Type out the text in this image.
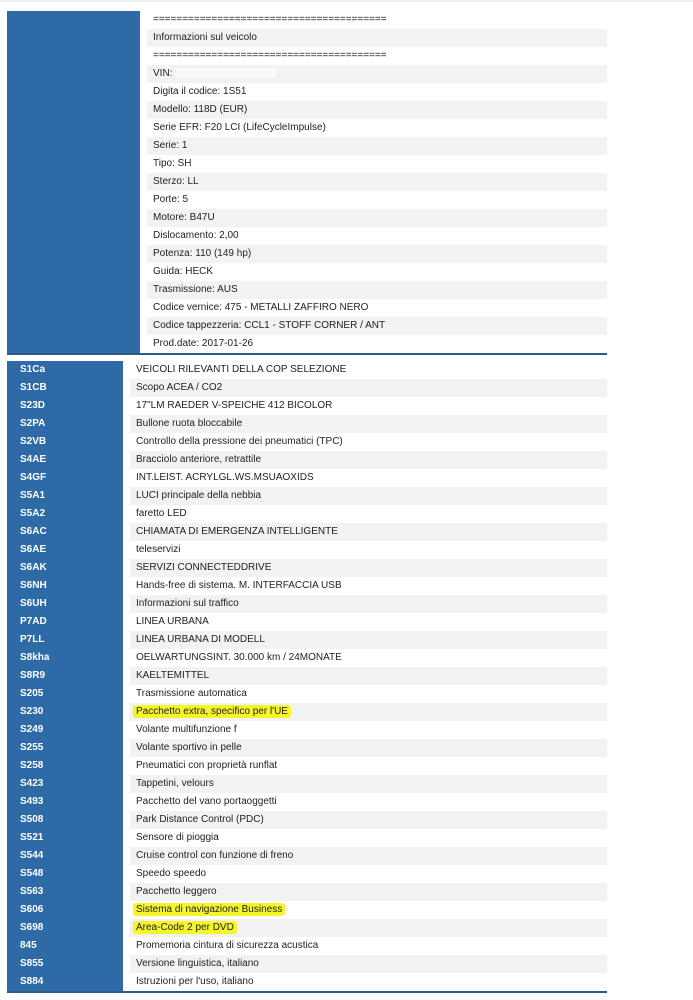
========================================
Informazioni sul veicolo
========================================
VIN:
Digita il codice: 1S51
Modello: 118D (EUR)
Serie EFR: F20 LCI (LifeCycleImpulse)
Serie: 1
Tipo: SH
Sterzo: LL
Porte: 5
Motore: B47U
Dislocamento: 2,00
Potenza: 110 (149 hp)
Guida: HECK
Trasmissione: AUS
Codice vernice: 475 - METALLI ZAFFIRO NERO
Codice tappezzeria: CCL1 - STOFF CORNER / ANT
Prod.date: 2017-01-26
S1Ca	VEICOLI RILEVANTI DELLA COP SELEZIONE
S1CB	Scopo ACEA / CO2
S23D	17"LM RAEDER V-SPEICHE 412 BICOLOR
S2PA	Bullone ruota bloccabile
S2VB	Controllo della pressione dei pneumatici (TPC)
S4AE	Bracciolo anteriore, retrattile
S4GF	INT.LEIST. ACRYLGL.WS.MSUAOXIDS
S5A1	LUCI principale della nebbia
S5A2	faretto LED
S6AC	CHIAMATA DI EMERGENZA INTELLIGENTE
S6AE	teleservizi
S6AK	SERVIZI CONNECTEDDRIVE
S6NH	Hands-free di sistema. M. INTERFACCIA USB
S6UH	Informazioni sul traffico
P7AD	LINEA URBANA
P7LL	LINEA URBANA DI MODELL
S8kha	OELWARTUNGSINT. 30.000 km / 24MONATE
S8R9	KAELTEMITTEL
S205	Trasmissione automatica
S230	Pacchetto extra, specifico per l'UE
S249	Volante multifunzione f
S255	Volante sportivo in pelle
S258	Pneumatici con proprietà runflat
S423	Tappetini, velours
S493	Pacchetto del vano portaoggetti
S508	Park Distance Control (PDC)
S521	Sensore di pioggia
S544	Cruise control con funzione di freno
S548	Speedo speedo
S563	Pacchetto leggero
S606	Sistema di navigazione Business
S698	Area-Code 2 per DVD
845	Promemoria cintura di sicurezza acustica
S855	Versione linguistica, italiano
S884	Istruzioni per l'uso, italiano
